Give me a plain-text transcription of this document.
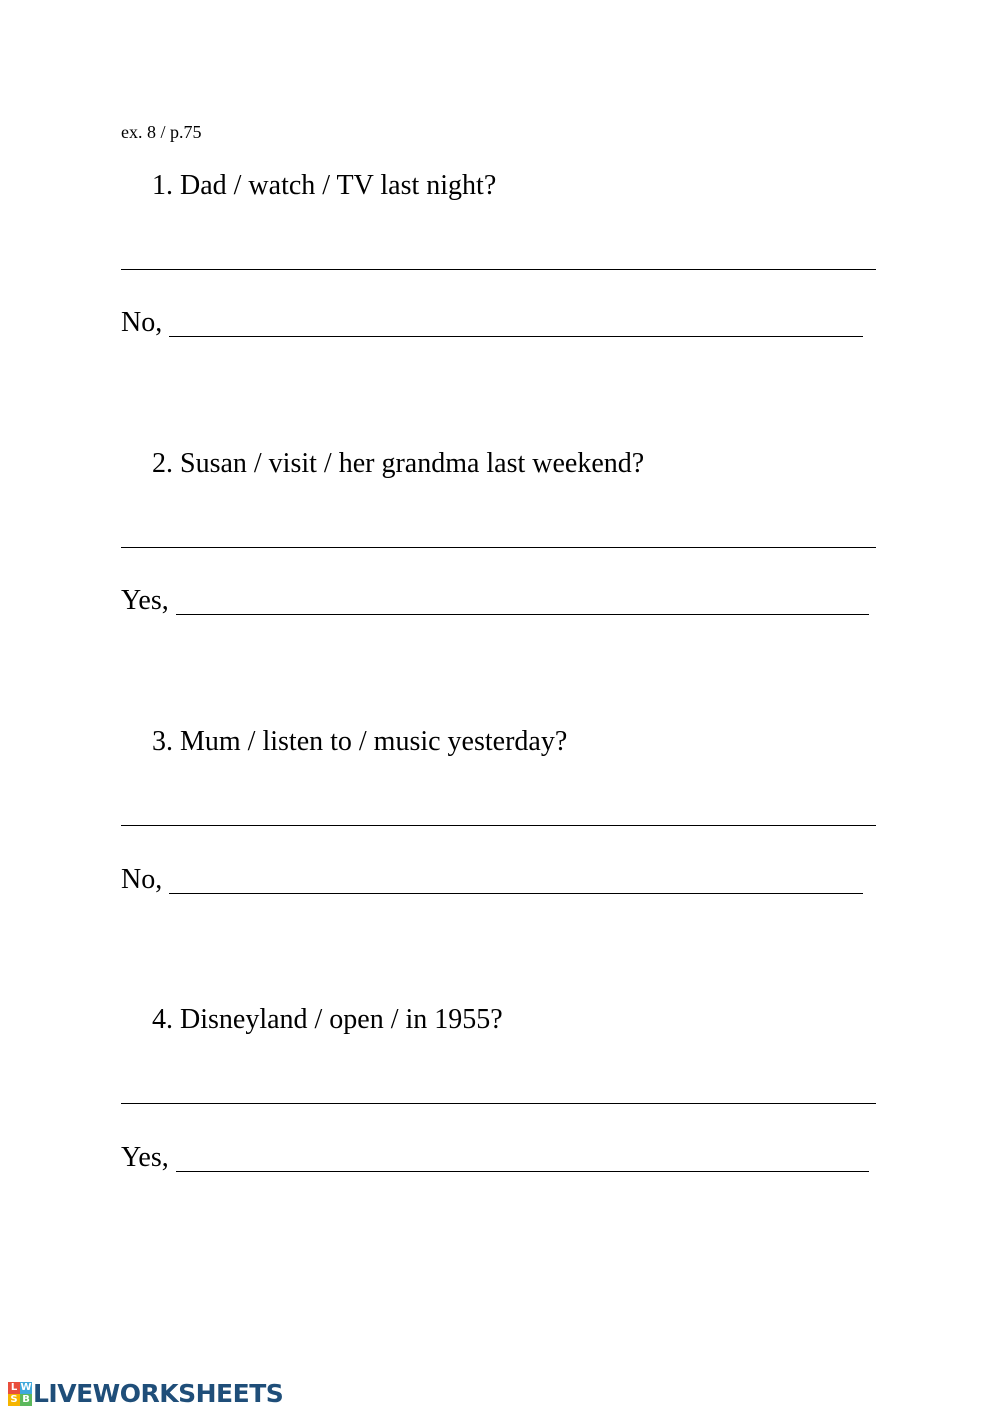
ex. 8 / p.75
1. Dad / watch / TV last night?
No,
2. Susan / visit / her grandma last weekend?
Yes,
3. Mum / listen to / music yesterday?
No,
4. Disneyland / open / in 1955?
Yes,
L W
S B LIVEWORKSHEETS
